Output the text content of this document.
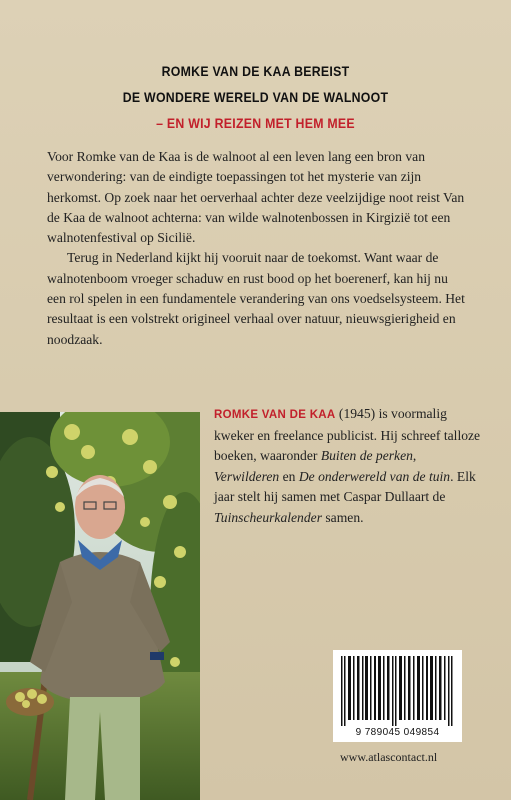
ROMKE VAN DE KAA BEREIST
DE WONDERE WERELD VAN DE WALNOOT
– EN WIJ REIZEN MET HEM MEE

Voor Romke van de Kaa is de walnoot al een leven lang een bron van verwondering: van de eindigte toepassingen tot het mysterie van zijn herkomst. Op zoek naar het oerverhaal achter deze veelzijdige noot reist Van de Kaa de walnoot achterna: van wilde walnotenbossen in Kirgizië tot een walnotenfestival op Sicilië.

Terug in Nederland kijkt hij vooruit naar de toekomst. Want waar de walnotenboom vroeger schaduw en rust bood op het boerenerf, kan hij nu een rol spelen in een fundamentele verandering van ons voedselsysteem. Het resultaat is een volstrekt origineel verhaal over natuur, nieuwsgierigheid en noodzaak.

ROMKE VAN DE KAA (1945) is voormalig kweker en freelance publicist. Hij schreef talloze boeken, waaronder Buiten de perken, Verwilderen en De onderwereld van de tuin. Elk jaar stelt hij samen met Caspar Dullaart de Tuinscheurkalender samen.
9 789045 049854
www.atlascontact.nl
